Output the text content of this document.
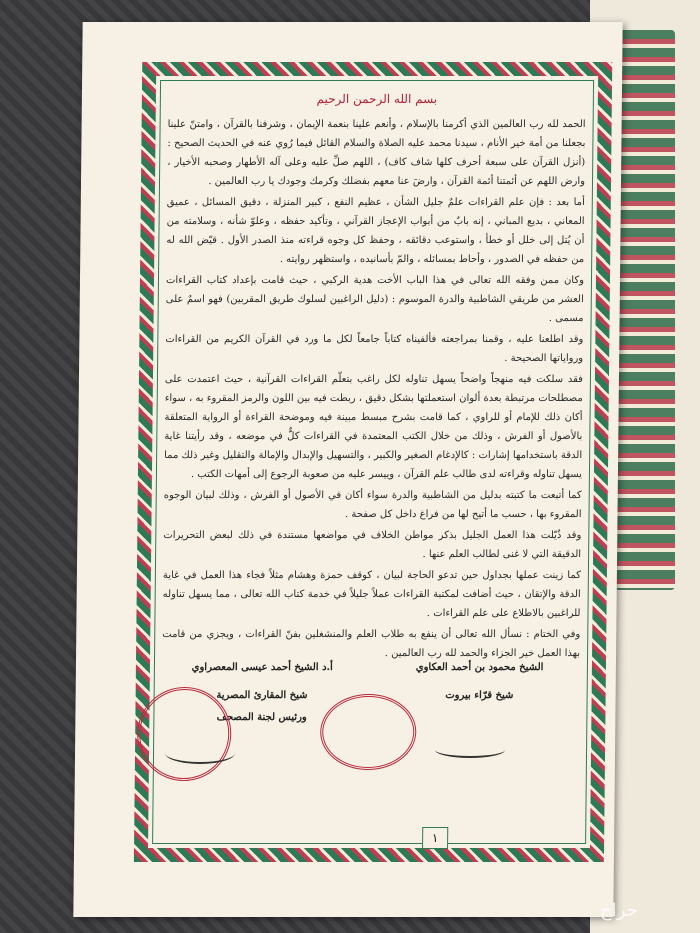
بسم الله الرحمن الرحيم

الحمد لله رب العالمين الذي أكرمنا بالإسلام ، وأنعم علينا بنعمة الإيمان ، وشرفنا بالقرآن ، وامتنّ علينا بجعلنا من أمة خير الأنام ، سيدنا محمد عليه الصلاة والسلام القائل فيما رُوي عنه في الحديث الصحيح : (أنزل القرآن على سبعة أحرف كلها شاف كاف) ، اللهم صلِّ عليه وعلى آله الأطهار وصحبه الأخيار ، وارض اللهم عن أئمتنا أئمة القرآن ، وارضَ عنا معهم بفضلك وكرمك وجودك يا رب العالمين .

أما بعد : فإن علم القراءات علمٌ جليل الشأن ، عظيم النفع ، كبير المنزلة ، دقيق المسائل ، عميق المعاني ، بديع المباني ، إنه بابٌ من أبواب الإعجاز القرآني ، وتأكيد حفظه ، وعلوّ شأنه ، وسلامته من أن يُتل إلى خلل أو خطأ ، واستوعب دقائقه ، وحفظ كل وجوه قراءته منذ الصدر الأول . قيّض الله له من حفظه في الصدور ، وأحاط بمسائله ، والمّ بأسانيده ، واستظهر روايته .

وكان ممن وفقه الله تعالى في هذا الباب الأخت هدية الركبي ، حيث قامت بإعداد كتاب القراءات العشر من طريقي الشاطبية والدرة الموسوم : (دليل الراغبين لسلوك طريق المقربين) فهو اسمٌ على مسمى .

وقد اطلعنا عليه ، وقمنا بمراجعته فألفيناه كتاباً جامعاً لكل ما ورد في القرآن الكريم من القراءات ورواياتها الصحيحة .

فقد سلكت فيه منهجاً واضحاً يسهل تناوله لكل راغب بتعلّم القراءات القرآنية ، حيث اعتمدت على مصطلحات مرتبطة بعدة ألوان استعملتها بشكل دقيق ، ربطت فيه بين اللون والرمز المقروء به ، سواء أكان ذلك للإمام أو للراوي ، كما قامت بشرح مبسط مبينة فيه وموضحة القراءة أو الرواية المتعلقة بالأصول أو الفرش ، وذلك من خلال الكتب المعتمدة في القراءات كلٌّ في موضعه ، وقد رأيتنا غاية الدقة باستخدامها إشارات : كالإدغام الصغير والكبير ، والتسهيل والإبدال والإمالة والتقليل وغير ذلك مما يسهل تناوله وقراءته لدى طالب علم القرآن ، وييسر عليه من صعوبة الرجوع إلى أمهات الكتب .

كما أتبعت ما كتبته بدليل من الشاطبية والدرة سواء أكان في الأصول أو الفرش ، وذلك لبيان الوجوه المقروء بها ، حسب ما أتيح لها من فراغ داخل كل صفحة .

وقد ذُيّلت هذا العمل الجليل بذكر مواطن الخلاف في مواضعها مستندة في ذلك لبعض التحريرات الدقيقة التي لا غنى لطالب العلم عنها .

كما زينت عملها بجداول حين تدعو الحاجة لبيان ، كوقف حمزة وهشام مثلاً فجاء هذا العمل في غاية الدقة والإتقان ، حيث أضافت لمكتبة القراءات عملاً جليلاً في خدمة كتاب الله تعالى ، مما يسهل تناوله للراغبين بالاطلاع على علم القراءات .

وفي الختام : نسأل الله تعالى أن ينفع به طلاب العلم والمنشغلين بفنّ القراءات ، ويجزي من قامت بهذا العمل خير الجزاء والحمد لله رب العالمين .

الشيخ محمود بن أحمد العكاوي
أ.د الشيخ أحمد عيسى المعصراوي
شيخ قرّاء بيروت
شيخ المقارئ المصرية
ورئيس لجنة المصحف
١
حراج
